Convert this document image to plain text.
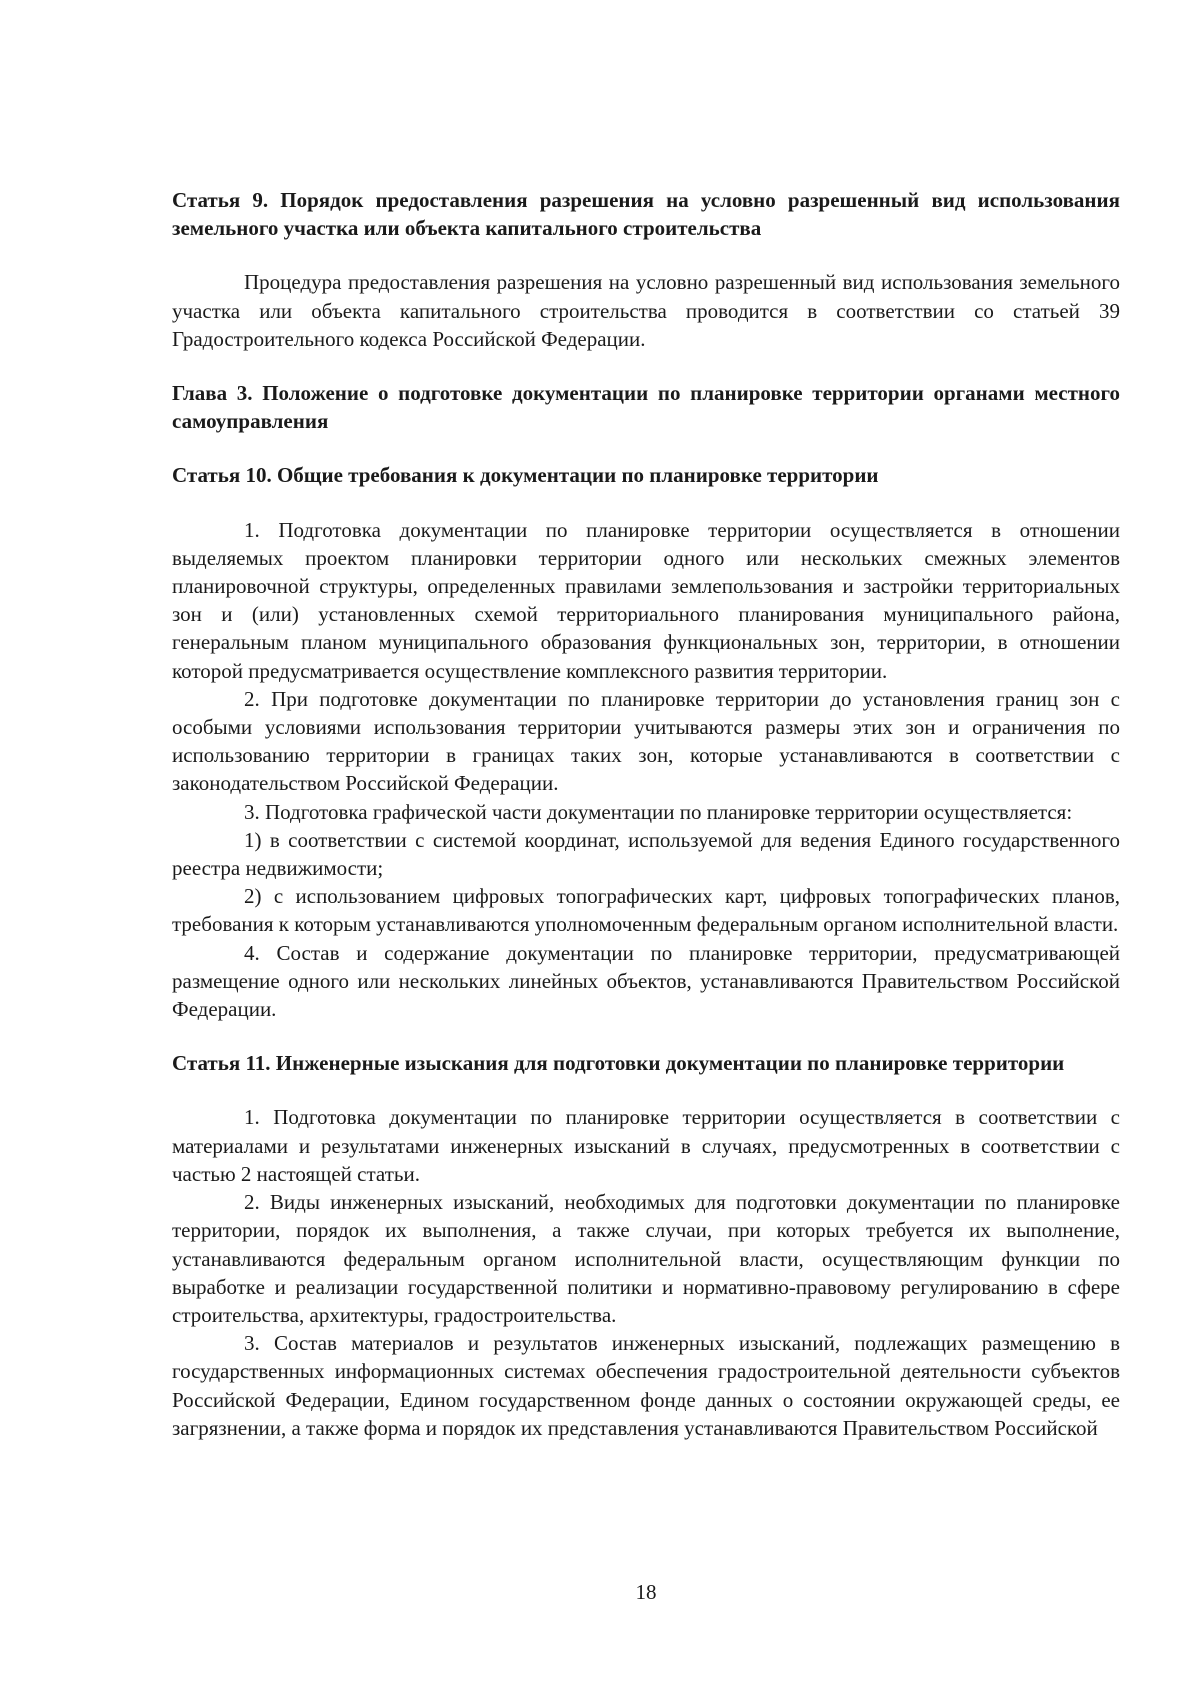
Статья 9. Порядок предоставления разрешения на условно разрешенный вид использования земельного участка или объекта капитального строительства

Процедура предоставления разрешения на условно разрешенный вид использования земельного участка или объекта капитального строительства проводится в соответствии со статьей 39 Градостроительного кодекса Российской Федерации.

Глава 3. Положение о подготовке документации по планировке территории органами местного самоуправления

Статья 10. Общие требования к документации по планировке территории

1. Подготовка документации по планировке территории осуществляется в отношении выделяемых проектом планировки территории одного или нескольких смежных элементов планировочной структуры, определенных правилами землепользования и застройки территориальных зон и (или) установленных схемой территориального планирования муниципального района, генеральным планом муниципального образования функциональных зон, территории, в отношении которой предусматривается осуществление комплексного развития территории.

2. При подготовке документации по планировке территории до установления границ зон с особыми условиями использования территории учитываются размеры этих зон и ограничения по использованию территории в границах таких зон, которые устанавливаются в соответствии с законодательством Российской Федерации.

3. Подготовка графической части документации по планировке территории осуществляется:

1) в соответствии с системой координат, используемой для ведения Единого государственного реестра недвижимости;

2) с использованием цифровых топографических карт, цифровых топографических планов, требования к которым устанавливаются уполномоченным федеральным органом исполнительной власти.

4. Состав и содержание документации по планировке территории, предусматривающей размещение одного или нескольких линейных объектов, устанавливаются Правительством Российской Федерации.

Статья 11. Инженерные изыскания для подготовки документации по планировке территории

1. Подготовка документации по планировке территории осуществляется в соответствии с материалами и результатами инженерных изысканий в случаях, предусмотренных в соответствии с частью 2 настоящей статьи.

2. Виды инженерных изысканий, необходимых для подготовки документации по планировке территории, порядок их выполнения, а также случаи, при которых требуется их выполнение, устанавливаются федеральным органом исполнительной власти, осуществляющим функции по выработке и реализации государственной политики и нормативно-правовому регулированию в сфере строительства, архитектуры, градостроительства.

3. Состав материалов и результатов инженерных изысканий, подлежащих размещению в государственных информационных системах обеспечения градостроительной деятельности субъектов Российской Федерации, Едином государственном фонде данных о состоянии окружающей среды, ее загрязнении, а также форма и порядок их представления устанавливаются Правительством Российской

18
